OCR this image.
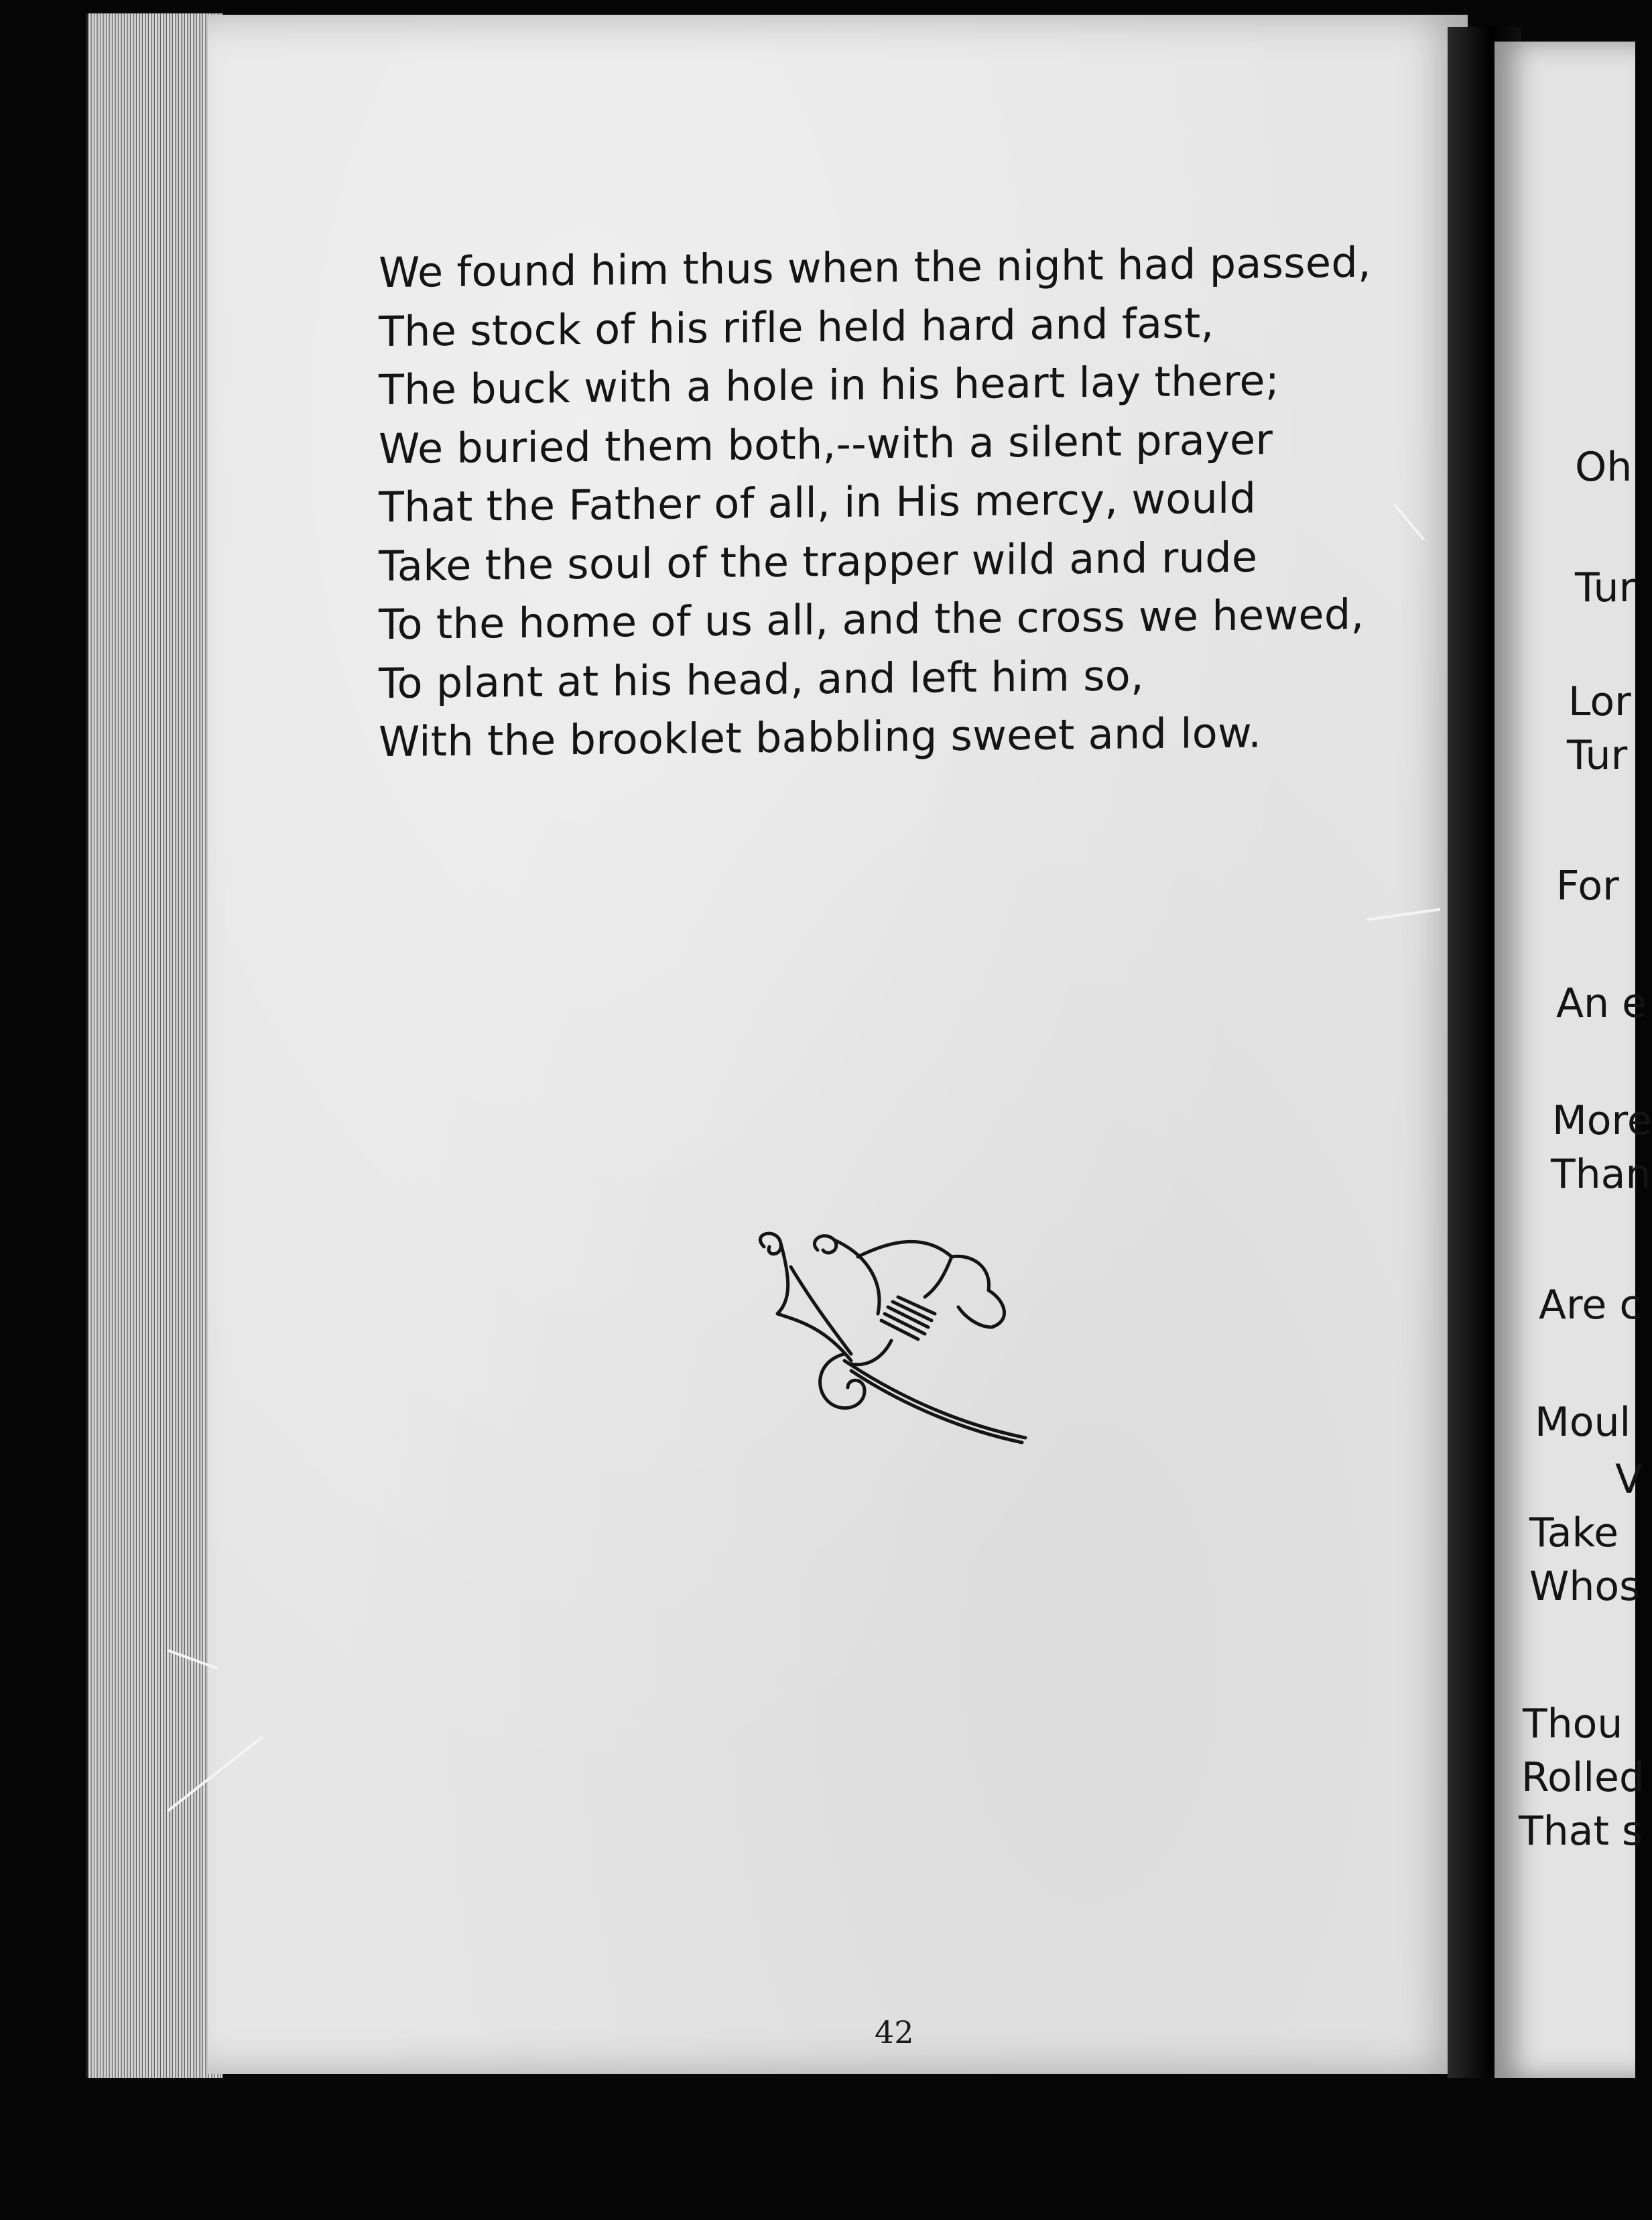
We found him thus when the night had passed,
The stock of his rifle held hard and fast,
The buck with a hole in his heart lay there;
We buried them both,--with a silent prayer
That the Father of all, in His mercy, would
Take the soul of the trapper wild and rude
To the home of us all, and the cross we hewed,
To plant at his head, and left him so,
With the brooklet babbling sweet and low.
42
Oh
Tur
Lor
Tur
For
An e
More
Than
Are c
Moul
V
Take
Whos
Thou
Rolled
That s
